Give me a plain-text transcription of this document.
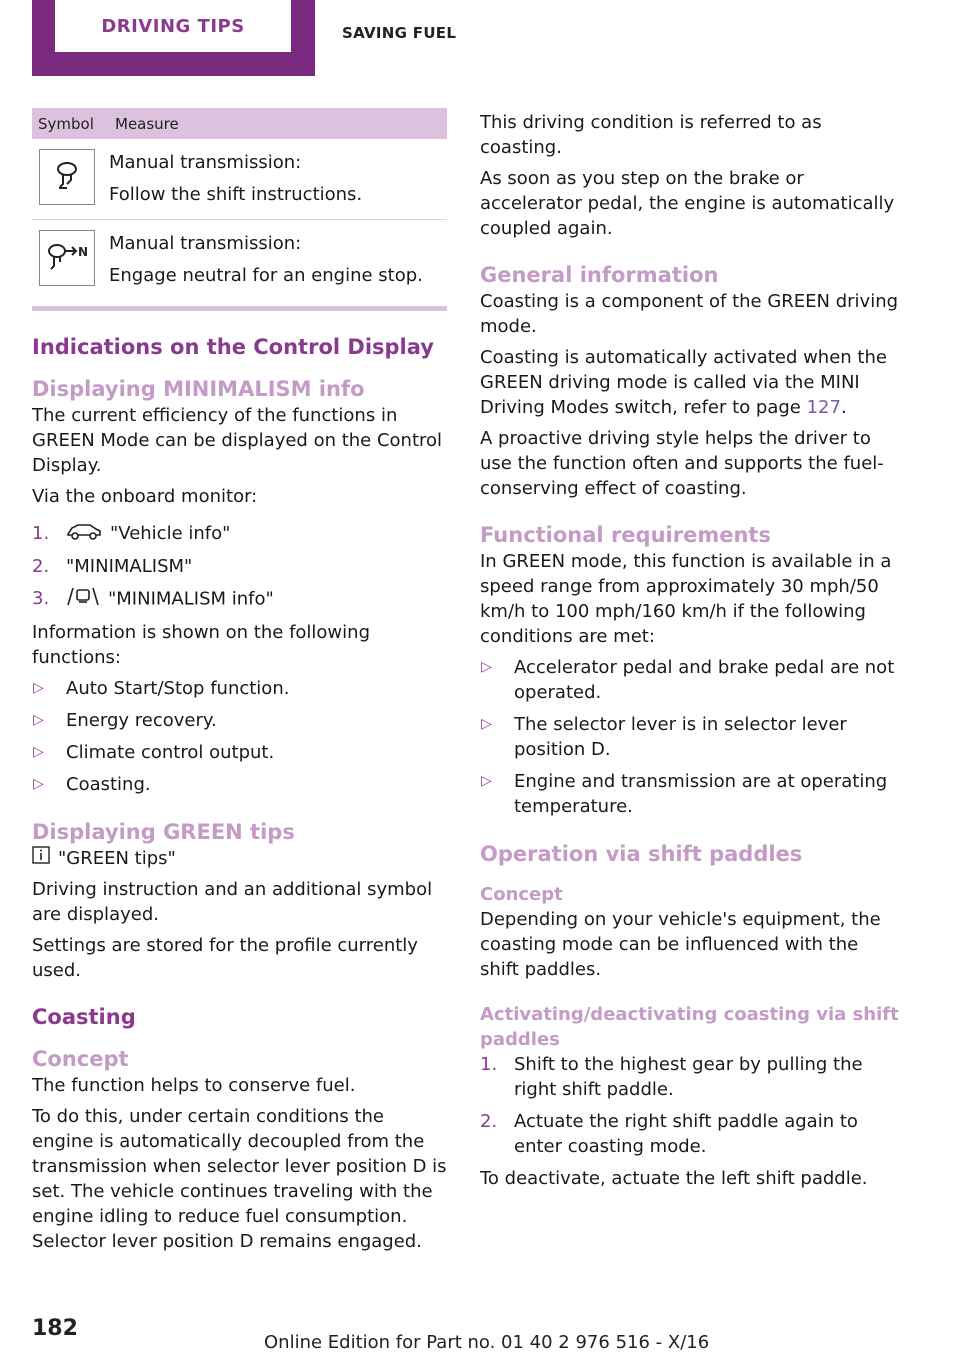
DRIVING TIPS	SAVING FUEL
Symbol	Measure

Manual transmission:
Follow the shift instructions.

N	Manual transmission:
Engage neutral for an engine stop.
Indications on the Control Display
Displaying MINIMALISM info

The current efficiency of the functions in GREEN Mode can be displayed on the Control Display.

Via the onboard monitor:

1.	"Vehicle info"
2. "MINIMALISM"
3.	"MINIMALISM info"

Information is shown on the following functions:

▷ Auto Start/Stop function.
▷ Energy recovery.
▷ Climate control output.
▷ Coasting.
Displaying GREEN tips

"GREEN tips"

Driving instruction and an additional symbol are displayed.

Settings are stored for the profile currently used.

Coasting
Concept

The function helps to conserve fuel.

To do this, under certain conditions the engine is automatically decoupled from the transmission when selector lever position D is set. The vehicle continues traveling with the engine idling to reduce fuel consumption. Selector lever position D remains engaged.

This driving condition is referred to as coasting.

As soon as you step on the brake or accelerator pedal, the engine is automatically coupled again.

General information

Coasting is a component of the GREEN driving mode.

Coasting is automatically activated when the GREEN driving mode is called via the MINI Driving Modes switch, refer to page 127.

A proactive driving style helps the driver to use the function often and supports the fuel-conserving effect of coasting.

Functional requirements

In GREEN mode, this function is available in a speed range from approximately 30 mph/50 km/h to 100 mph/160 km/h if the following conditions are met:

▷ Accelerator pedal and brake pedal are not operated.
▷ The selector lever is in selector lever position D.
▷ Engine and transmission are at operating temperature.
Operation via shift paddles
Concept

Depending on your vehicle's equipment, the coasting mode can be influenced with the shift paddles.

Activating/deactivating coasting via shift paddles
1. Shift to the highest gear by pulling the right shift paddle.
2. Actuate the right shift paddle again to enter coasting mode.

To deactivate, actuate the left shift paddle.

182
Online Edition for Part no. 01 40 2 976 516 - X/16
